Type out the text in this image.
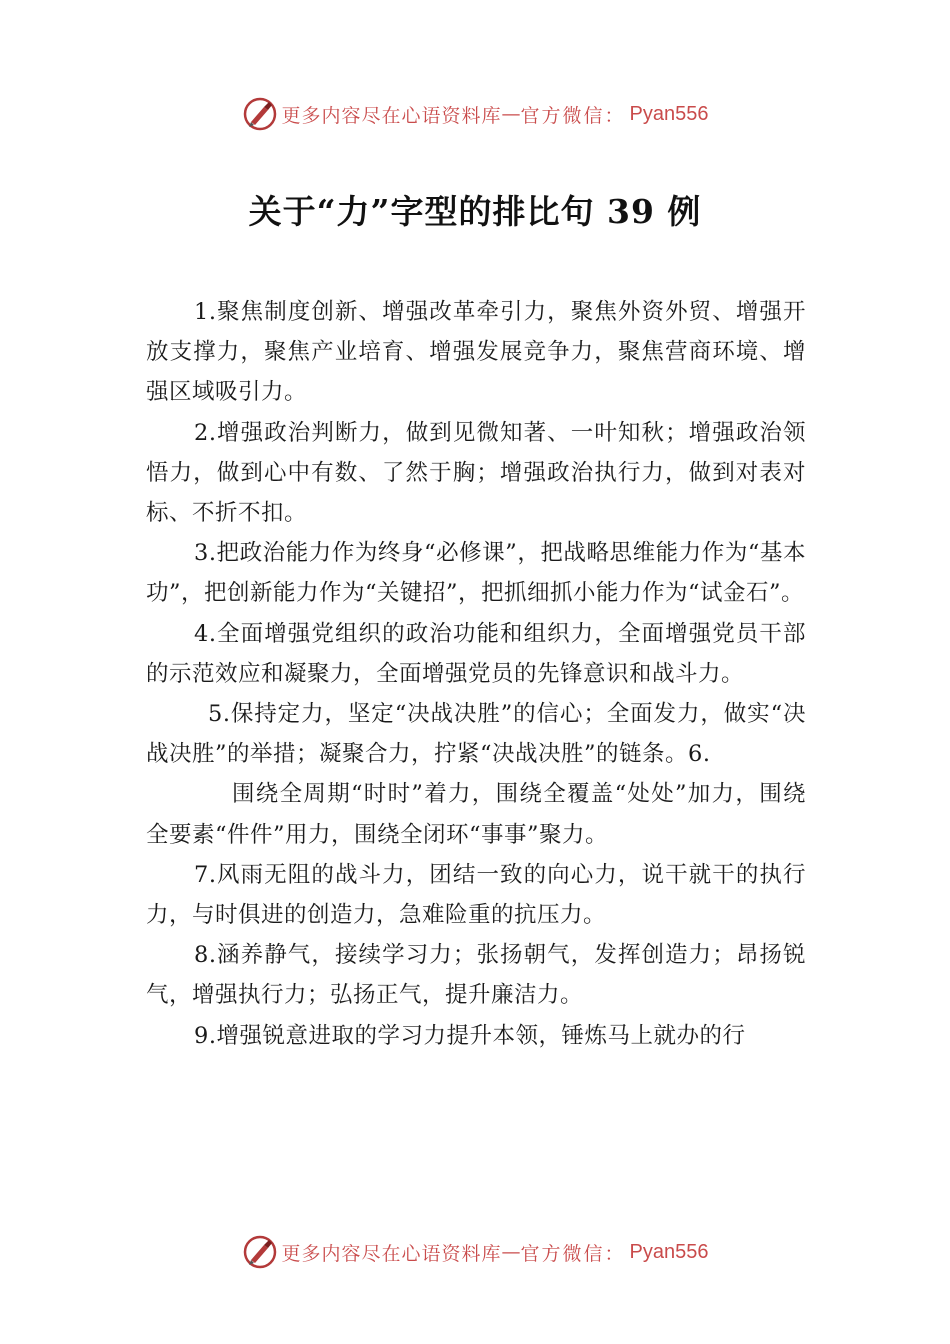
更多内容尽在心语资料库 — 官方微信： Pyan556
关于“力”字型的排比句 39 例

1.聚焦制度创新、增强改革牵引力，聚焦外资外贸、增强开放支撑力，聚焦产业培育、增强发展竞争力，聚焦营商环境、增强区域吸引力。

2.增强政治判断力，做到见微知著、一叶知秋；增强政治领悟力，做到心中有数、了然于胸；增强政治执行力，做到对表对标、不折不扣。

3.把政治能力作为终身“必修课”，把战略思维能力作为“基本功”，把创新能力作为“关键招”，把抓细抓小能力作为“试金石”。

4.全面增强党组织的政治功能和组织力，全面增强党员干部的示范效应和凝聚力，全面增强党员的先锋意识和战斗力。

5.保持定力，坚定“决战决胜”的信心；全面发力，做实“决战决胜”的举措；凝聚合力，拧紧“决战决胜”的链条。6.

围绕全周期“时时”着力，围绕全覆盖“处处”加力，围绕全要素“件件”用力，围绕全闭环“事事”聚力。

7.风雨无阻的战斗力，团结一致的向心力，说干就干的执行力，与时俱进的创造力，急难险重的抗压力。

8.涵养静气，接续学习力；张扬朝气，发挥创造力；昂扬锐气，增强执行力；弘扬正气，提升廉洁力。

9.增强锐意进取的学习力提升本领，锤炼马上就办的行

更多内容尽在心语资料库 — 官方微信： Pyan556
